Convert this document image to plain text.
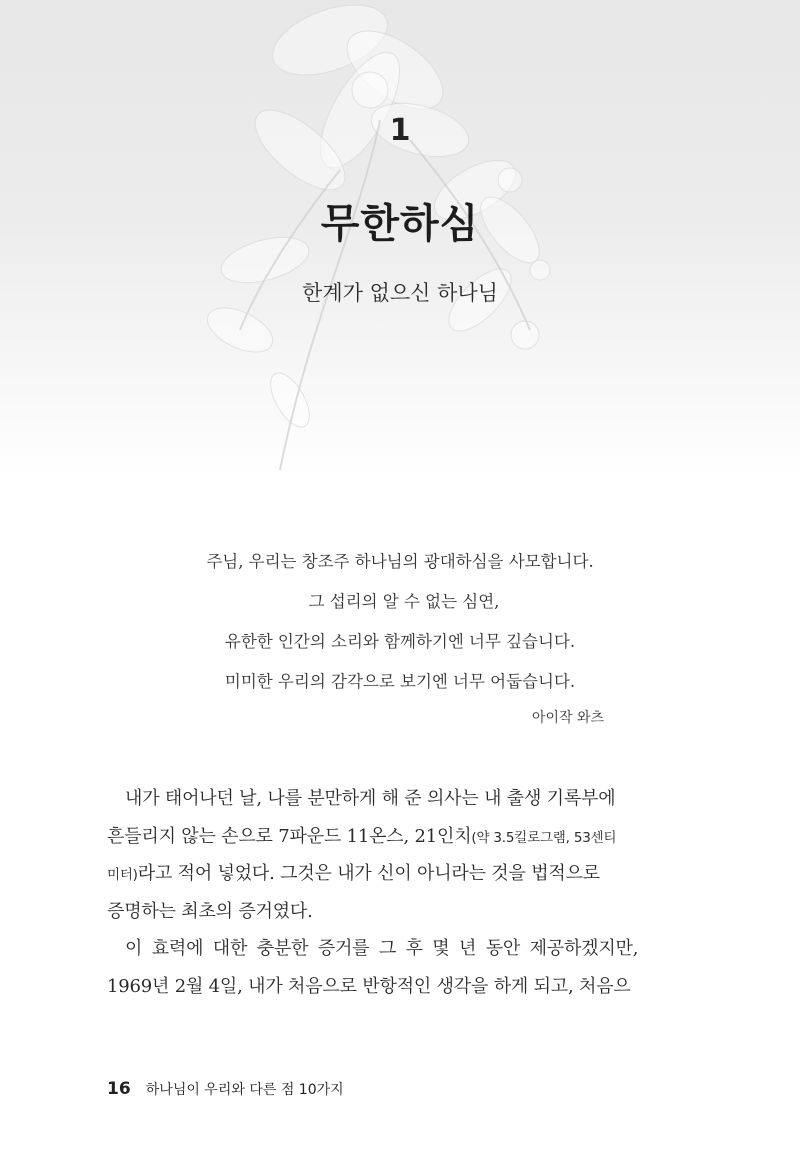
1
무한하심
한계가 없으신 하나님
주님, 우리는 창조주 하나님의 광대하심을 사모합니다.
그 섭리의 알 수 없는 심연,
유한한 인간의 소리와 함께하기엔 너무 깊습니다.
미미한 우리의 감각으로 보기엔 너무 어둡습니다.
아이작 와츠
내가 태어나던 날, 나를 분만하게 해 준 의사는 내 출생 기록부에
흔들리지 않는 손으로 7파운드 11온스, 21인치(약 3.5킬로그램, 53센티
미터)라고 적어 넣었다. 그것은 내가 신이 아니라는 것을 법적으로
증명하는 최초의 증거였다.
이 효력에 대한 충분한 증거를 그 후 몇 년 동안 제공하겠지만,
1969년 2월 4일, 내가 처음으로 반항적인 생각을 하게 되고, 처음으
16 하나님이 우리와 다른 점 10가지
